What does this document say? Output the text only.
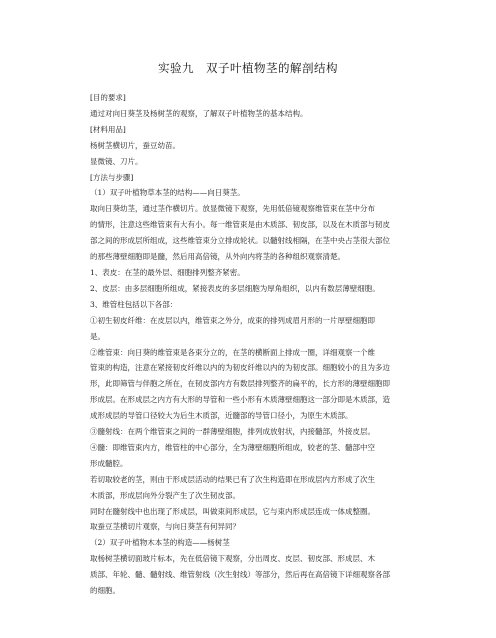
实验九　双子叶植物茎的解剖结构
[目的要求]
通过对向日葵茎及杨树茎的观察，了解双子叶植物茎的基本结构。
[材料用品]
杨树茎横切片，蚕豆幼苗。
显微镜、刀片。
[方法与步骤]
（1）双子叶植物草本茎的结构——向日葵茎。
取向日葵幼茎，通过茎作横切片。放显微镜下观察，先用低倍镜观察维管束在茎中分布
的情形，注意这些维管束有大有小。每一维管束是由木质部、韧皮部，以及在木质部与韧皮
部之间的形成层所组成，这些维管束分立排成轮状。以髓射线相隔，在茎中央占茎很大部位
的那些薄壁细胞即是髓，然后用高倍镜，从外向内将茎的各种组织观察清楚。
1、表皮：在茎的最外层、细胞排列整齐紧密。
2、皮层：由多层细胞所组成，紧接表皮的多层细胞为厚角组织，以内有数层薄壁细胞。
3、维管柱包括以下各部：
①初生韧皮纤维：在皮层以内，维管束之外分，成束的排列成眉月形的一片厚壁细胞即
是。
②维管束：向日葵的维管束是各束分立的，在茎的横断面上排成一圈，详细观察一个维
管束的构造，注意在紧接韧皮纤维以内的为韧皮纤维以内的为韧皮部。细胞较小的且为多边
形，此即筛管与伴胞之所在，在韧皮部内方有数层排列整齐的扁平的，长方形的薄壁细胞即
形成层。在形成层之内方有大形的导管和一些小形有木质薄壁细胞这一部分即是木质部，造
成形成层的导管口径较大为后生木质部，近髓部的导管口径小，为原生木质部。
③髓射线：在两个维管束之间的一群薄壁细胞，排列成放射状，内接髓部，外接皮层。
④髓：即维管束内方，维管柱的中心部分，全为薄壁细胞所组成，较老的茎、髓部中空
形成髓腔。
若切取较老的茎，则由于形成层活动的结果已有了次生构造即在形成层内方形成了次生
木质部，形成层向外分裂产生了次生韧皮部。
同时在髓射线中也出现了形成层，叫做束间形成层，它与束内形成层连成一体成整圈。
取蚕豆茎横切片观察，与向日葵茎有何异同？
（2）双子叶植物木本茎的构造——杨树茎
取杨树茎横切面玻片标本，先在低倍镜下观察，分出周皮、皮层、韧皮部、形成层、木
质部、年轮、髓、髓射线、维管射线（次生射线）等部分，然后再在高倍镜下详细观察各部
的细胞。
